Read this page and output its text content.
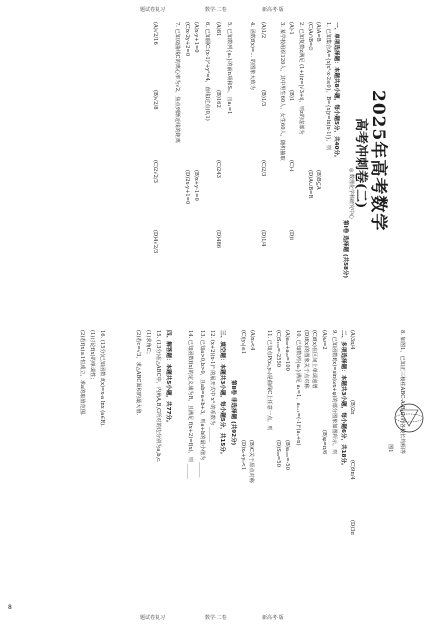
题试卷复习	数学·二卷	新高考·版
题试卷复习	数学·二卷	新高考·版
2025年高考数学
高考冲刺卷(二)
◎ 数理化学科研究中心
第Ⅰ卷 选择题 (共58分)
一、单项选择题：本题共8小题，每小题5分，共40分。
1. 已知集合A={x|x²-x-2≤0}，B={x|y=ln(x-1)}，则
(A)A=B
(B)B⊆A
(C)A∩B=∅
(D)A∪B=R
2. 已知复数z满足 (1+i)z=|√3+i|，则z的虚部为
(A)-1
(B)1
(C)-i
(D)i
3. 某学校组织120人，其中男生60人，女生60人，随机抽取
(A)1/2
(B)1/3
(C)2/3
(D)1/4
4. 函数f(x)=... 的图象大致为
5. 已知数列{aₙ}的前n项和Sₙ，且a₁=1
(A)81
(B)162
(C)243
(D)486
6. 已知圆C:(x-1)²+y²=4，直线l过点(0,1)
(A)x-y+1=0
(B)x+y-1=0
(C)x-2y+2=0
(D)2x-y+1=0
7. 已知双曲线C的离心率为√2，焦点到渐近线的距离
(A)√2/16
(B)√2/8
(C)2√2/3
(D)4√2/3
8. 如图1，已知正三棱柱ABC-A₁B₁C₁的各棱长均相等
(A)3π/4
(B)2π
(C)9π/4
(D)3π
图1
二、多项选择题：本题共3小题，每小题6分，共18分。
9. 已知函数f(x)=sin(ωx+φ)的部分图象如图所示，则
(A)ω=2
(B)φ=π/6
(C)f(x)在区间上单调递增
(D)f(x)的图象关于点对称
10. 已知数列{aₙ}满足 a₁=1，aₙ₊₁=(-1)ⁿ(aₙ+n)
(A)a₉₈+a₉₉=100
(B)a₁₀₀=-50
(C)S₁₀₀=-2550
(D)S₉₉=50
11. 已知点P(x₀,y₀)是曲线C上任意一点，则
(A)x₀<4
(B)C关于原点对称
(C)|y₀|≤1
(D)x₀+y₀<1
第Ⅱ卷 非选择题 (共92分)
三、填空题：本题共3小题，每小题5分，共15分。
12. (x+2)(x-1)⁶ 的展开式中 x³ 的系数为 ______
13. 已知a>0,b>0，且ab=a+b+3，则a+b的最小值为 ______
14. 已知函数f(x)的定义域为R，且满足 f(x+2)=f(x)，则 ______
四、解答题：本题共5小题，共77分。
15. (13分)在△ABC中，内角A,B,C所对的边分别为a,b,c.
(1)求角C；
(2)若c=√3，求△ABC面积的最大值.
16. (15分)已知函数 f(x)=x-a lnx (a∈R).
(1)讨论f(x)的单调性；
(2)若f(x)≥1恒成立，求a的取值范围.
8
